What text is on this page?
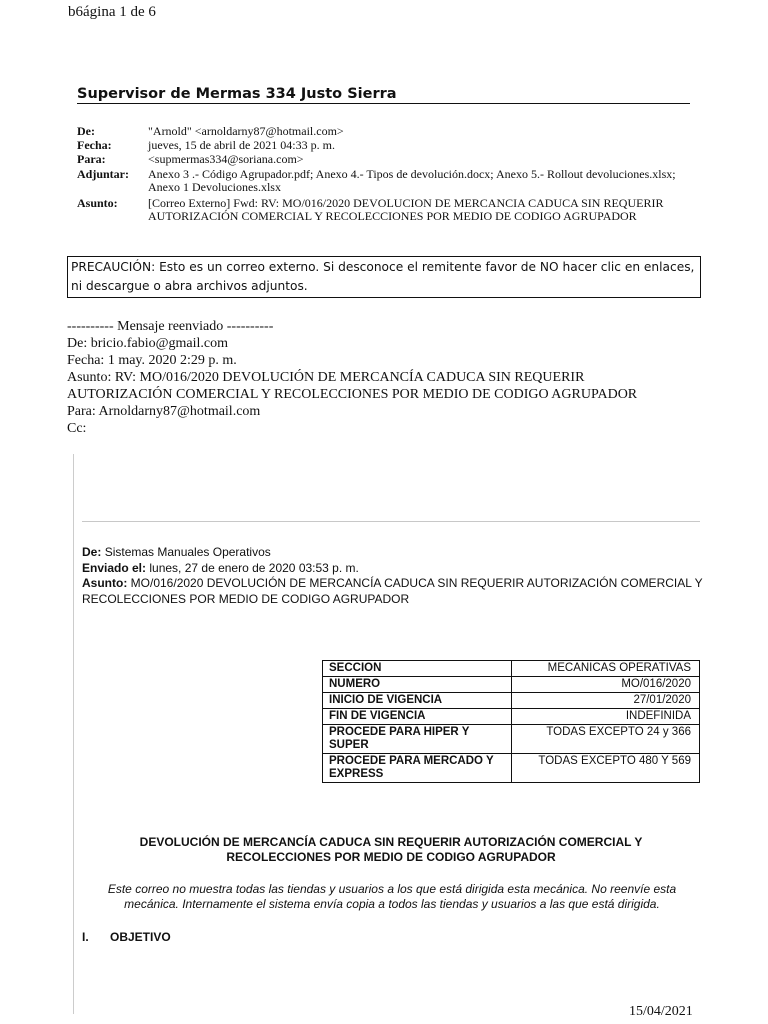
b6ágina 1 de 6
Supervisor de Mermas 334 Justo Sierra
De:	"Arnold" <arnoldarny87@hotmail.com>
Fecha:	jueves, 15 de abril de 2021 04:33 p. m.
Para:	<supmermas334@soriana.com>
Adjuntar:	Anexo 3 .- Código Agrupador.pdf; Anexo 4.- Tipos de devolución.docx; Anexo 5.- Rollout devoluciones.xlsx; Anexo 1 Devoluciones.xlsx
Asunto:	[Correo Externo] Fwd: RV: MO/016/2020 DEVOLUCION DE MERCANCIA CADUCA SIN REQUERIR AUTORIZACIÓN COMERCIAL Y RECOLECCIONES POR MEDIO DE CODIGO AGRUPADOR
PRECAUCIÓN: Esto es un correo externo. Si desconoce el remitente favor de NO hacer clic en enlaces, ni descargue o abra archivos adjuntos.
---------- Mensaje reenviado ----------
De: bricio.fabio@gmail.com
Fecha: 1 may. 2020 2:29 p. m.
Asunto: RV: MO/016/2020 DEVOLUCIÓN DE MERCANCÍA CADUCA SIN REQUERIR
AUTORIZACIÓN COMERCIAL Y RECOLECCIONES POR MEDIO DE CODIGO AGRUPADOR
Para: Arnoldarny87@hotmail.com
Cc:
De: Sistemas Manuales Operativos
Enviado el: lunes, 27 de enero de 2020 03:53 p. m.
Asunto: MO/016/2020 DEVOLUCIÓN DE MERCANCÍA CADUCA SIN REQUERIR AUTORIZACIÓN COMERCIAL Y RECOLECCIONES POR MEDIO DE CODIGO AGRUPADOR
SECCION	MECANICAS OPERATIVAS
NUMERO	MO/016/2020
INICIO DE VIGENCIA	27/01/2020
FIN DE VIGENCIA	INDEFINIDA
PROCEDE PARA HIPER Y SUPER	TODAS EXCEPTO 24 y 366
PROCEDE PARA MERCADO Y EXPRESS	TODAS EXCEPTO 480 Y 569
DEVOLUCIÓN DE MERCANCÍA CADUCA SIN REQUERIR AUTORIZACIÓN COMERCIAL Y RECOLECCIONES POR MEDIO DE CODIGO AGRUPADOR
Este correo no muestra todas las tiendas y usuarios a los que está dirigida esta mecánica. No reenvíe esta mecánica. Internamente el sistema envía copia a todos las tiendas y usuarios a las que está dirigida.
I. OBJETIVO
15/04/2021
